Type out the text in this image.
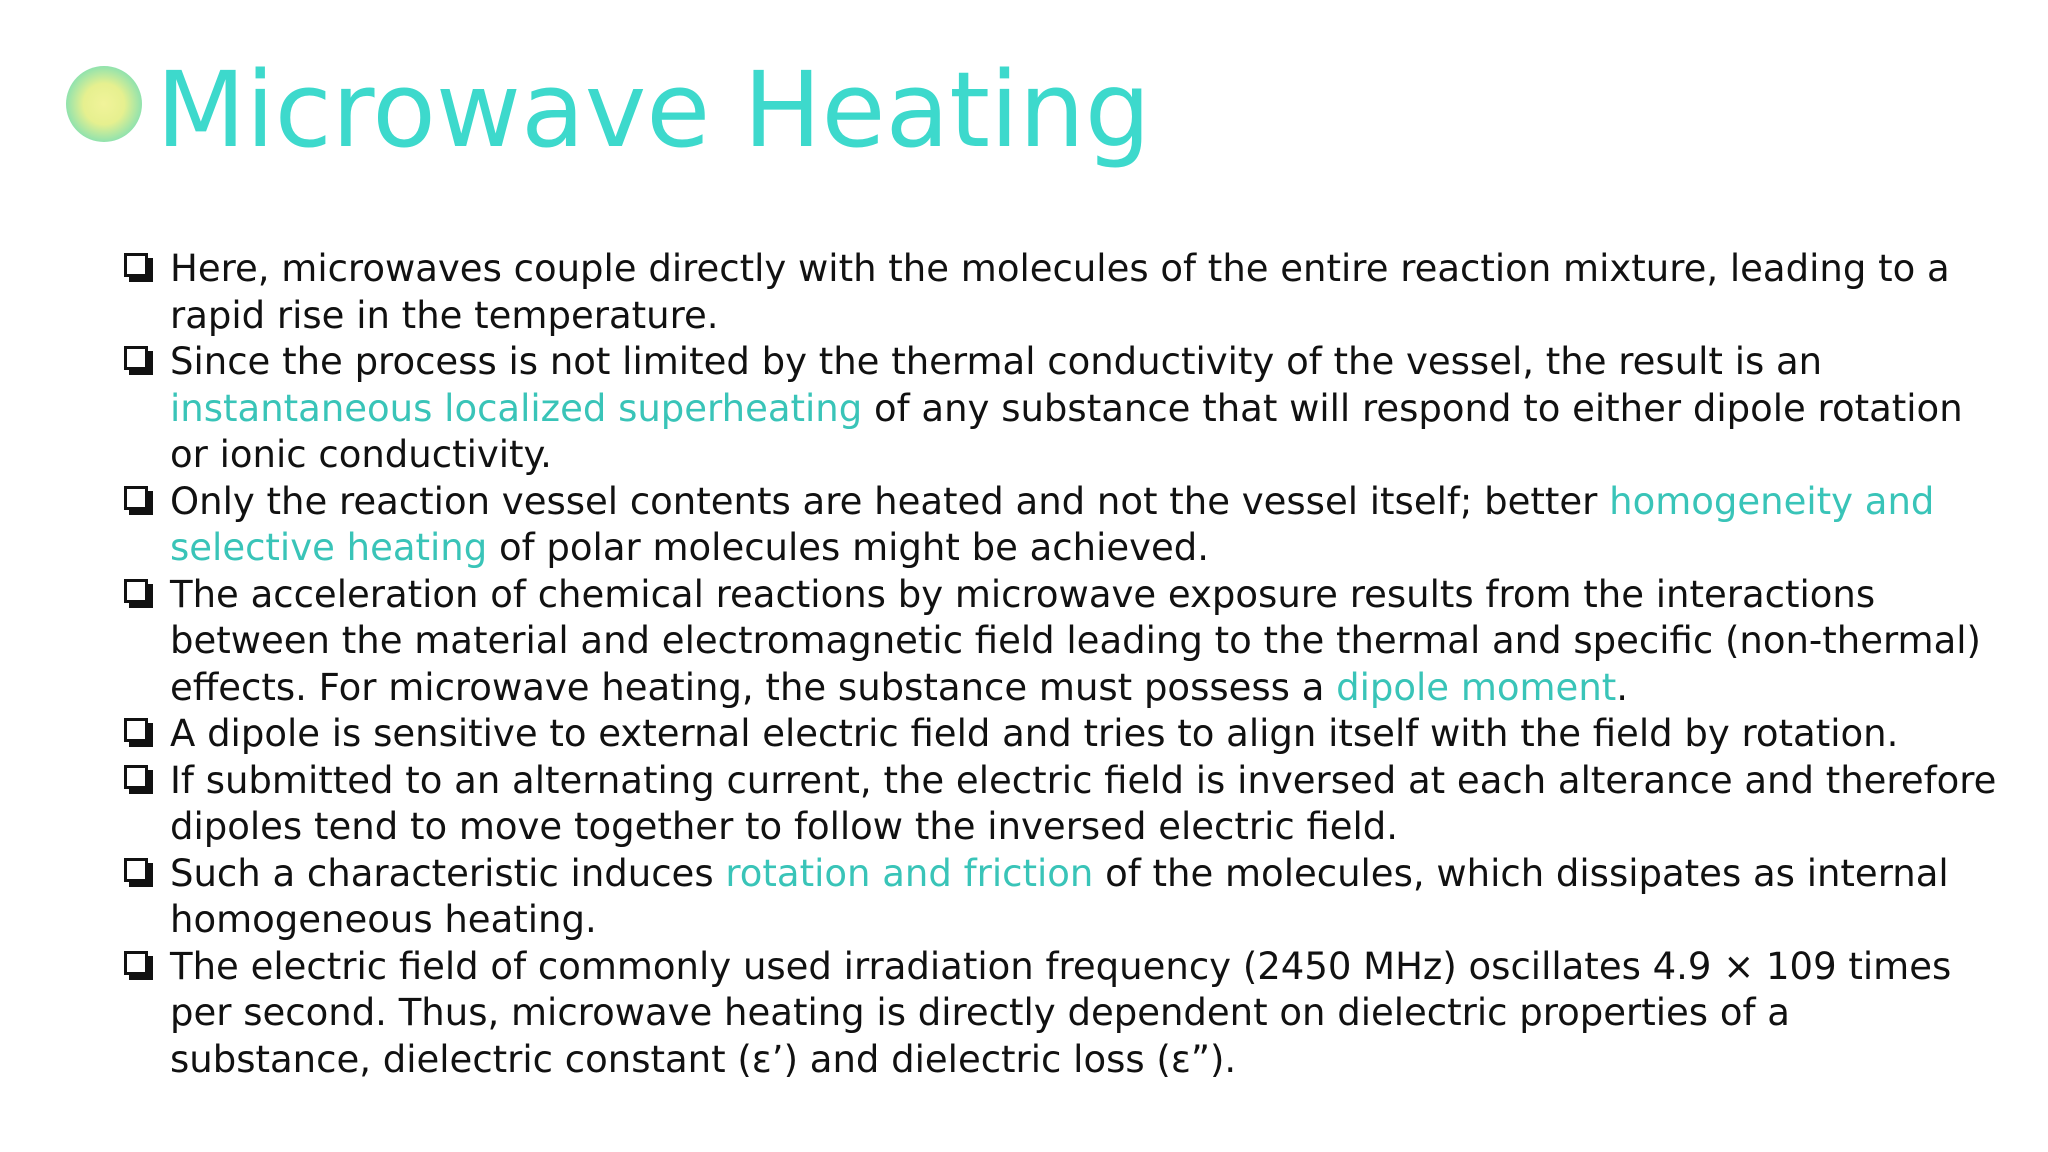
Microwave Heating
Here, microwaves couple directly with the molecules of the entire reaction mixture, leading to a rapid rise in the temperature.
Since the process is not limited by the thermal conductivity of the vessel, the result is an instantaneous localized superheating of any substance that will respond to either dipole rotation or ionic conductivity.
Only the reaction vessel contents are heated and not the vessel itself; better homogeneity and selective heating of polar molecules might be achieved.
The acceleration of chemical reactions by microwave exposure results from the interactions between the material and electromagnetic field leading to the thermal and specific (non-thermal) effects. For microwave heating, the substance must possess a dipole moment.
A dipole is sensitive to external electric field and tries to align itself with the field by rotation.
If submitted to an alternating current, the electric field is inversed at each alterance and therefore dipoles tend to move together to follow the inversed electric field.
Such a characteristic induces rotation and friction of the molecules, which dissipates as internal homogeneous heating.
The electric field of commonly used irradiation frequency (2450 MHz) oscillates 4.9 × 109 times per second. Thus, microwave heating is directly dependent on dielectric properties of a substance, dielectric constant (ε’) and dielectric loss (ε”).
